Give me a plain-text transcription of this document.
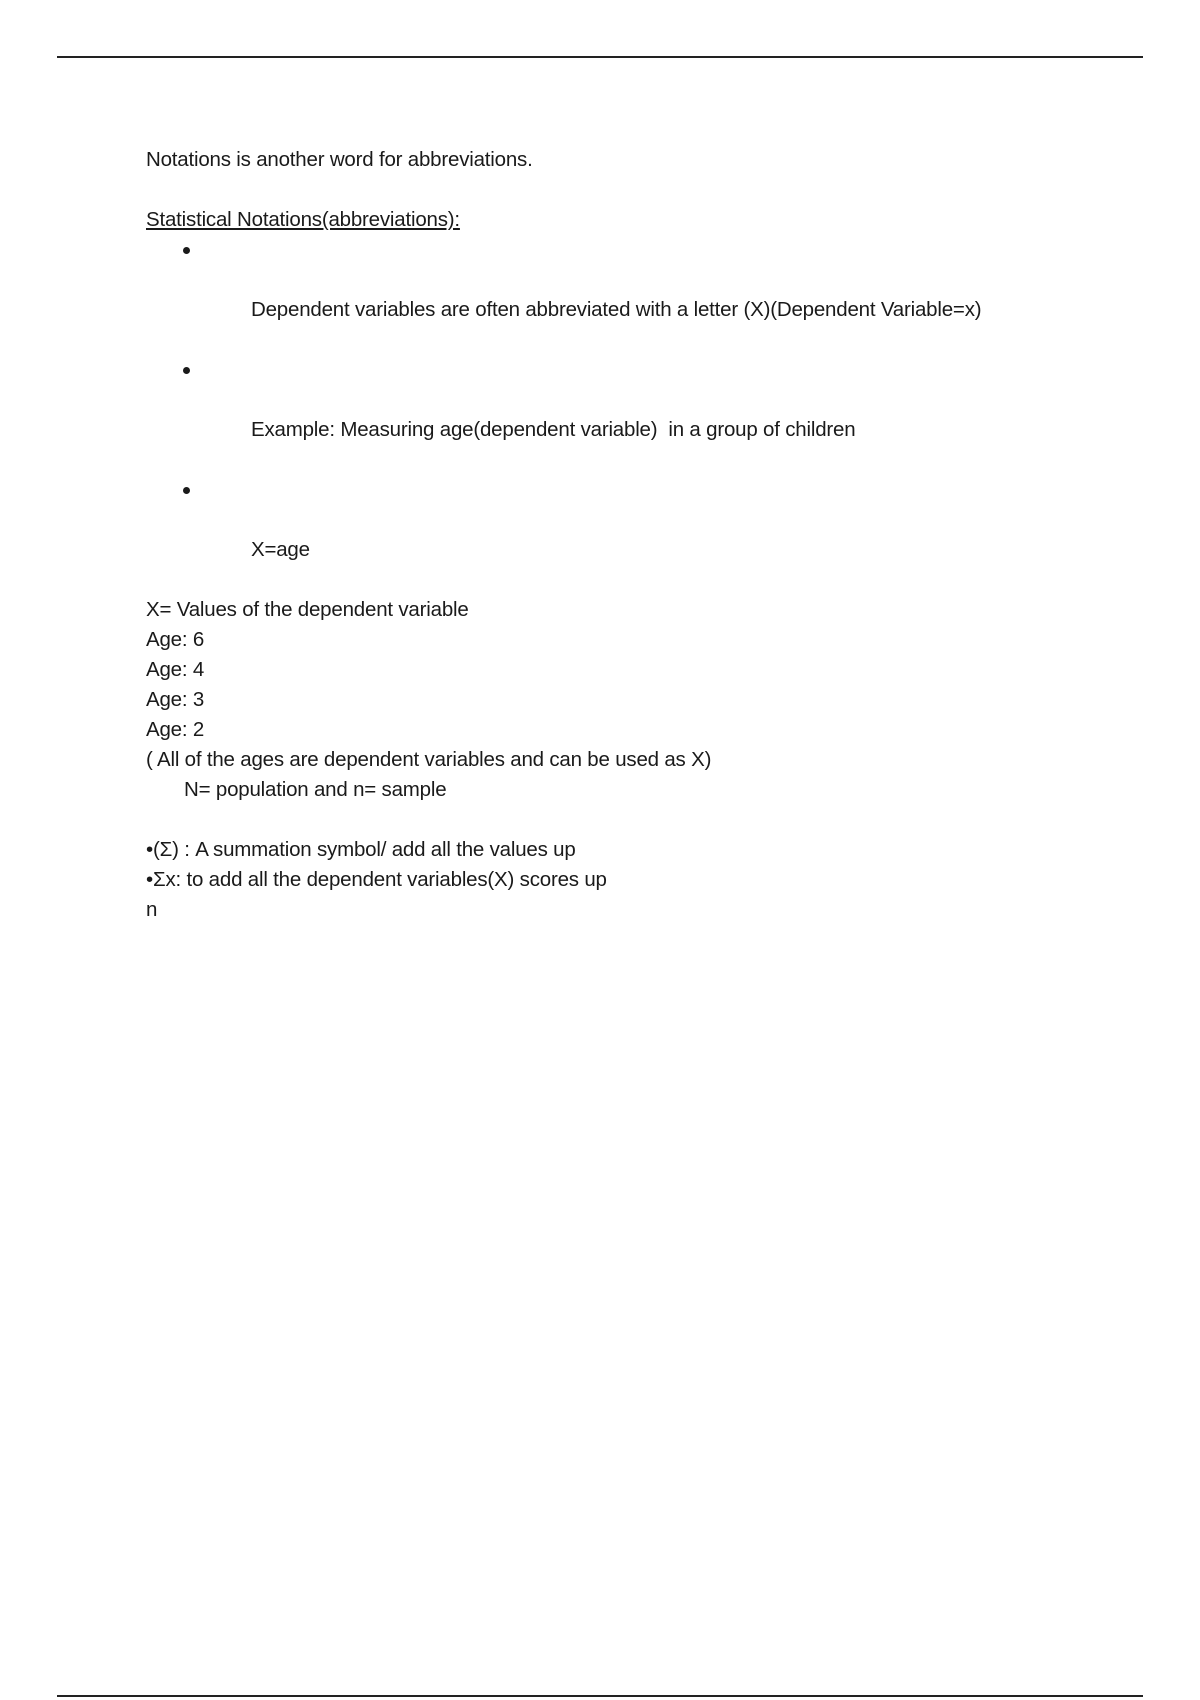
Notations is another word for abbreviations.

Statistical Notations(abbreviations):

Dependent variables are often abbreviated with a letter (X)(Dependent Variable=x)

Example: Measuring age(dependent variable)  in a group of children

X=age

X= Values of the dependent variable

Age: 6

Age: 4

Age: 3

Age: 2

( All of the ages are dependent variables and can be used as X)

N= population and n= sample

•(Σ) : A summation symbol/ add all the values up

•Σx: to add all the dependent variables(X) scores up

n
